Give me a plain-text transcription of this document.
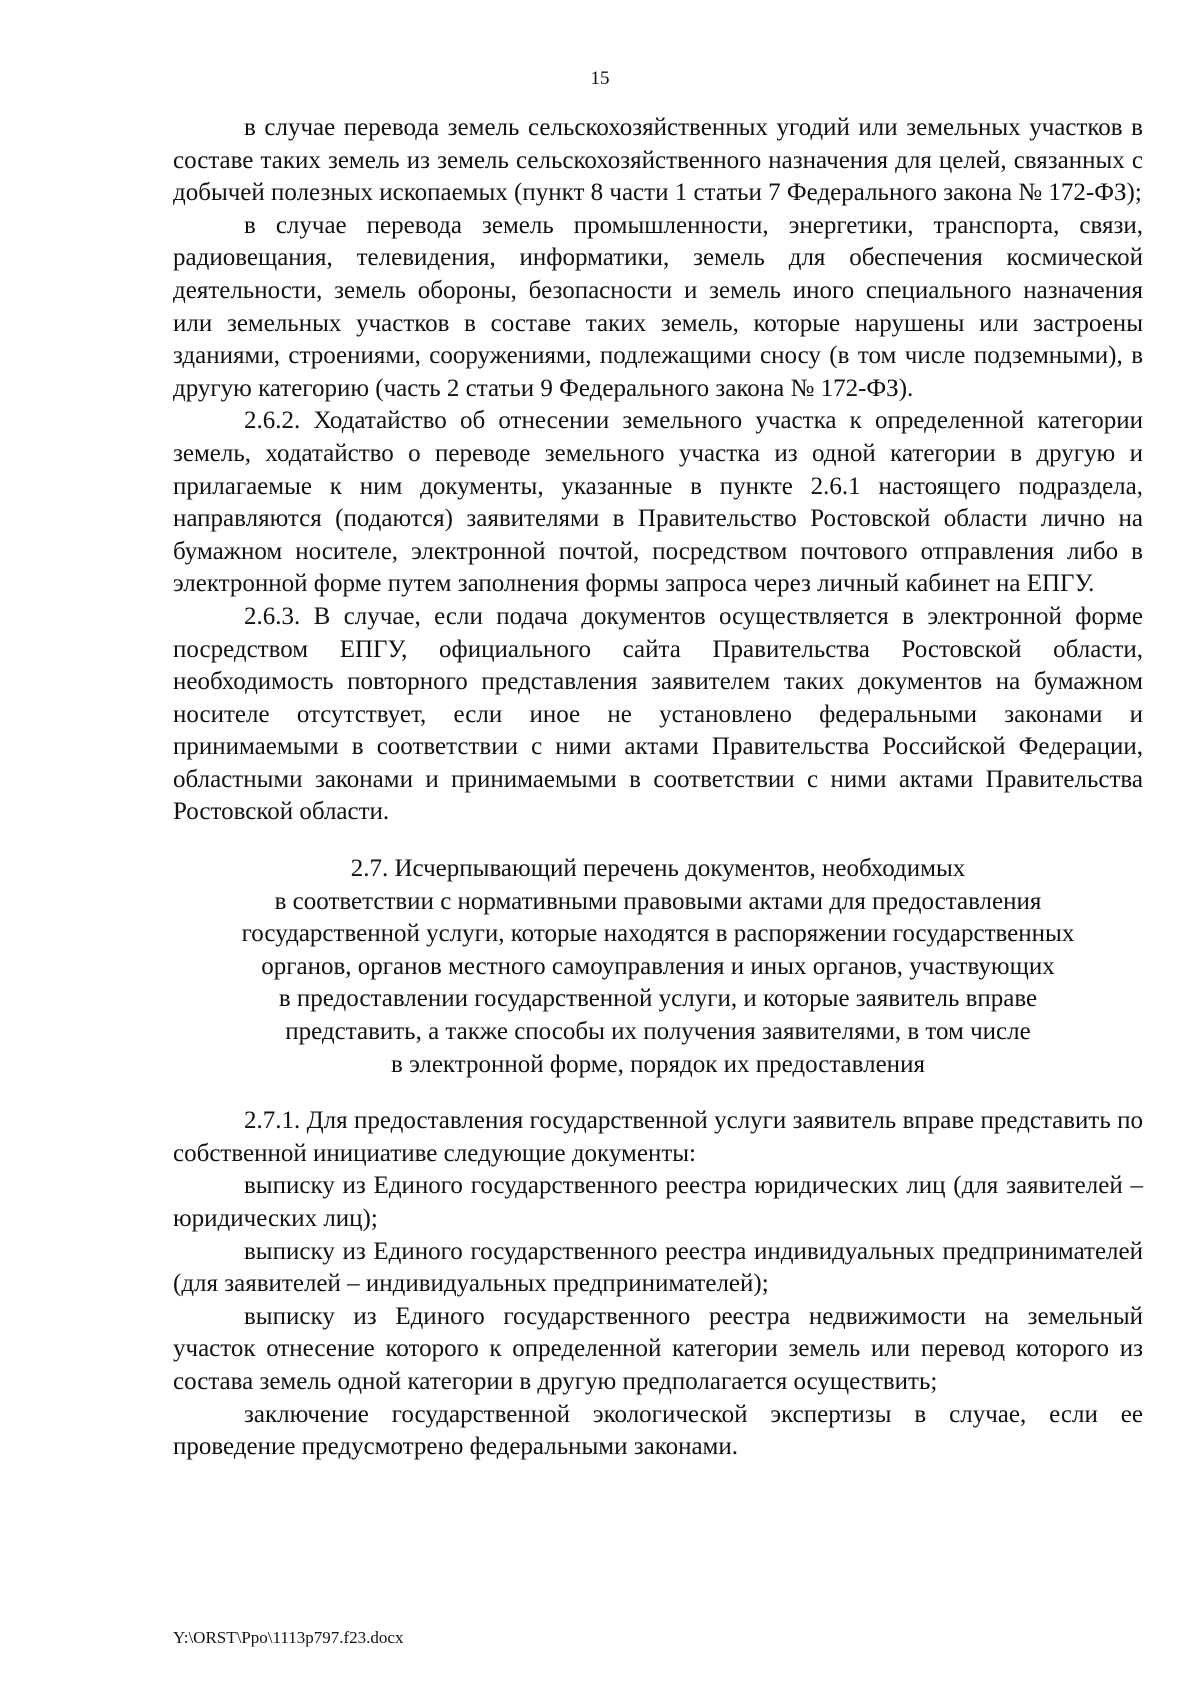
15

в случае перевода земель сельскохозяйственных угодий или земельных участков в составе таких земель из земель сельскохозяйственного назначения для целей, связанных с добычей полезных ископаемых (пункт 8 части 1 статьи 7 Федерального закона № 172-ФЗ);

в случае перевода земель промышленности, энергетики, транспорта, связи, радиовещания, телевидения, информатики, земель для обеспечения космической деятельности, земель обороны, безопасности и земель иного специального назначения или земельных участков в составе таких земель, которые нарушены или застроены зданиями, строениями, сооружениями, подлежащими сносу (в том числе подземными), в другую категорию (часть 2 статьи 9 Федерального закона № 172-ФЗ).

2.6.2. Ходатайство об отнесении земельного участка к определенной категории земель, ходатайство о переводе земельного участка из одной категории в другую и прилагаемые к ним документы, указанные в пункте 2.6.1 настоящего подраздела, направляются (подаются) заявителями в Правительство Ростовской области лично на бумажном носителе, электронной почтой, посредством почтового отправления либо в электронной форме путем заполнения формы запроса через личный кабинет на ЕПГУ.

2.6.3. В случае, если подача документов осуществляется в электронной форме посредством ЕПГУ, официального сайта Правительства Ростовской области, необходимость повторного представления заявителем таких документов на бумажном носителе отсутствует, если иное не установлено федеральными законами и принимаемыми в соответствии с ними актами Правительства Российской Федерации, областными законами и принимаемыми в соответствии с ними актами Правительства Ростовской области.

2.7. Исчерпывающий перечень документов, необходимых
в соответствии с нормативными правовыми актами для предоставления
государственной услуги, которые находятся в распоряжении государственных
органов, органов местного самоуправления и иных органов, участвующих
в предоставлении государственной услуги, и которые заявитель вправе
представить, а также способы их получения заявителями, в том числе
в электронной форме, порядок их предоставления

2.7.1. Для предоставления государственной услуги заявитель вправе представить по собственной инициативе следующие документы:

выписку из Единого государственного реестра юридических лиц (для заявителей – юридических лиц);

выписку из Единого государственного реестра индивидуальных предпринимателей (для заявителей – индивидуальных предпринимателей);

выписку из Единого государственного реестра недвижимости на земельный участок отнесение которого к определенной категории земель или перевод которого из состава земель одной категории в другую предполагается осуществить;

заключение государственной экологической экспертизы в случае, если ее проведение предусмотрено федеральными законами.

Y:\ORST\Ppo\1113p797.f23.docx
